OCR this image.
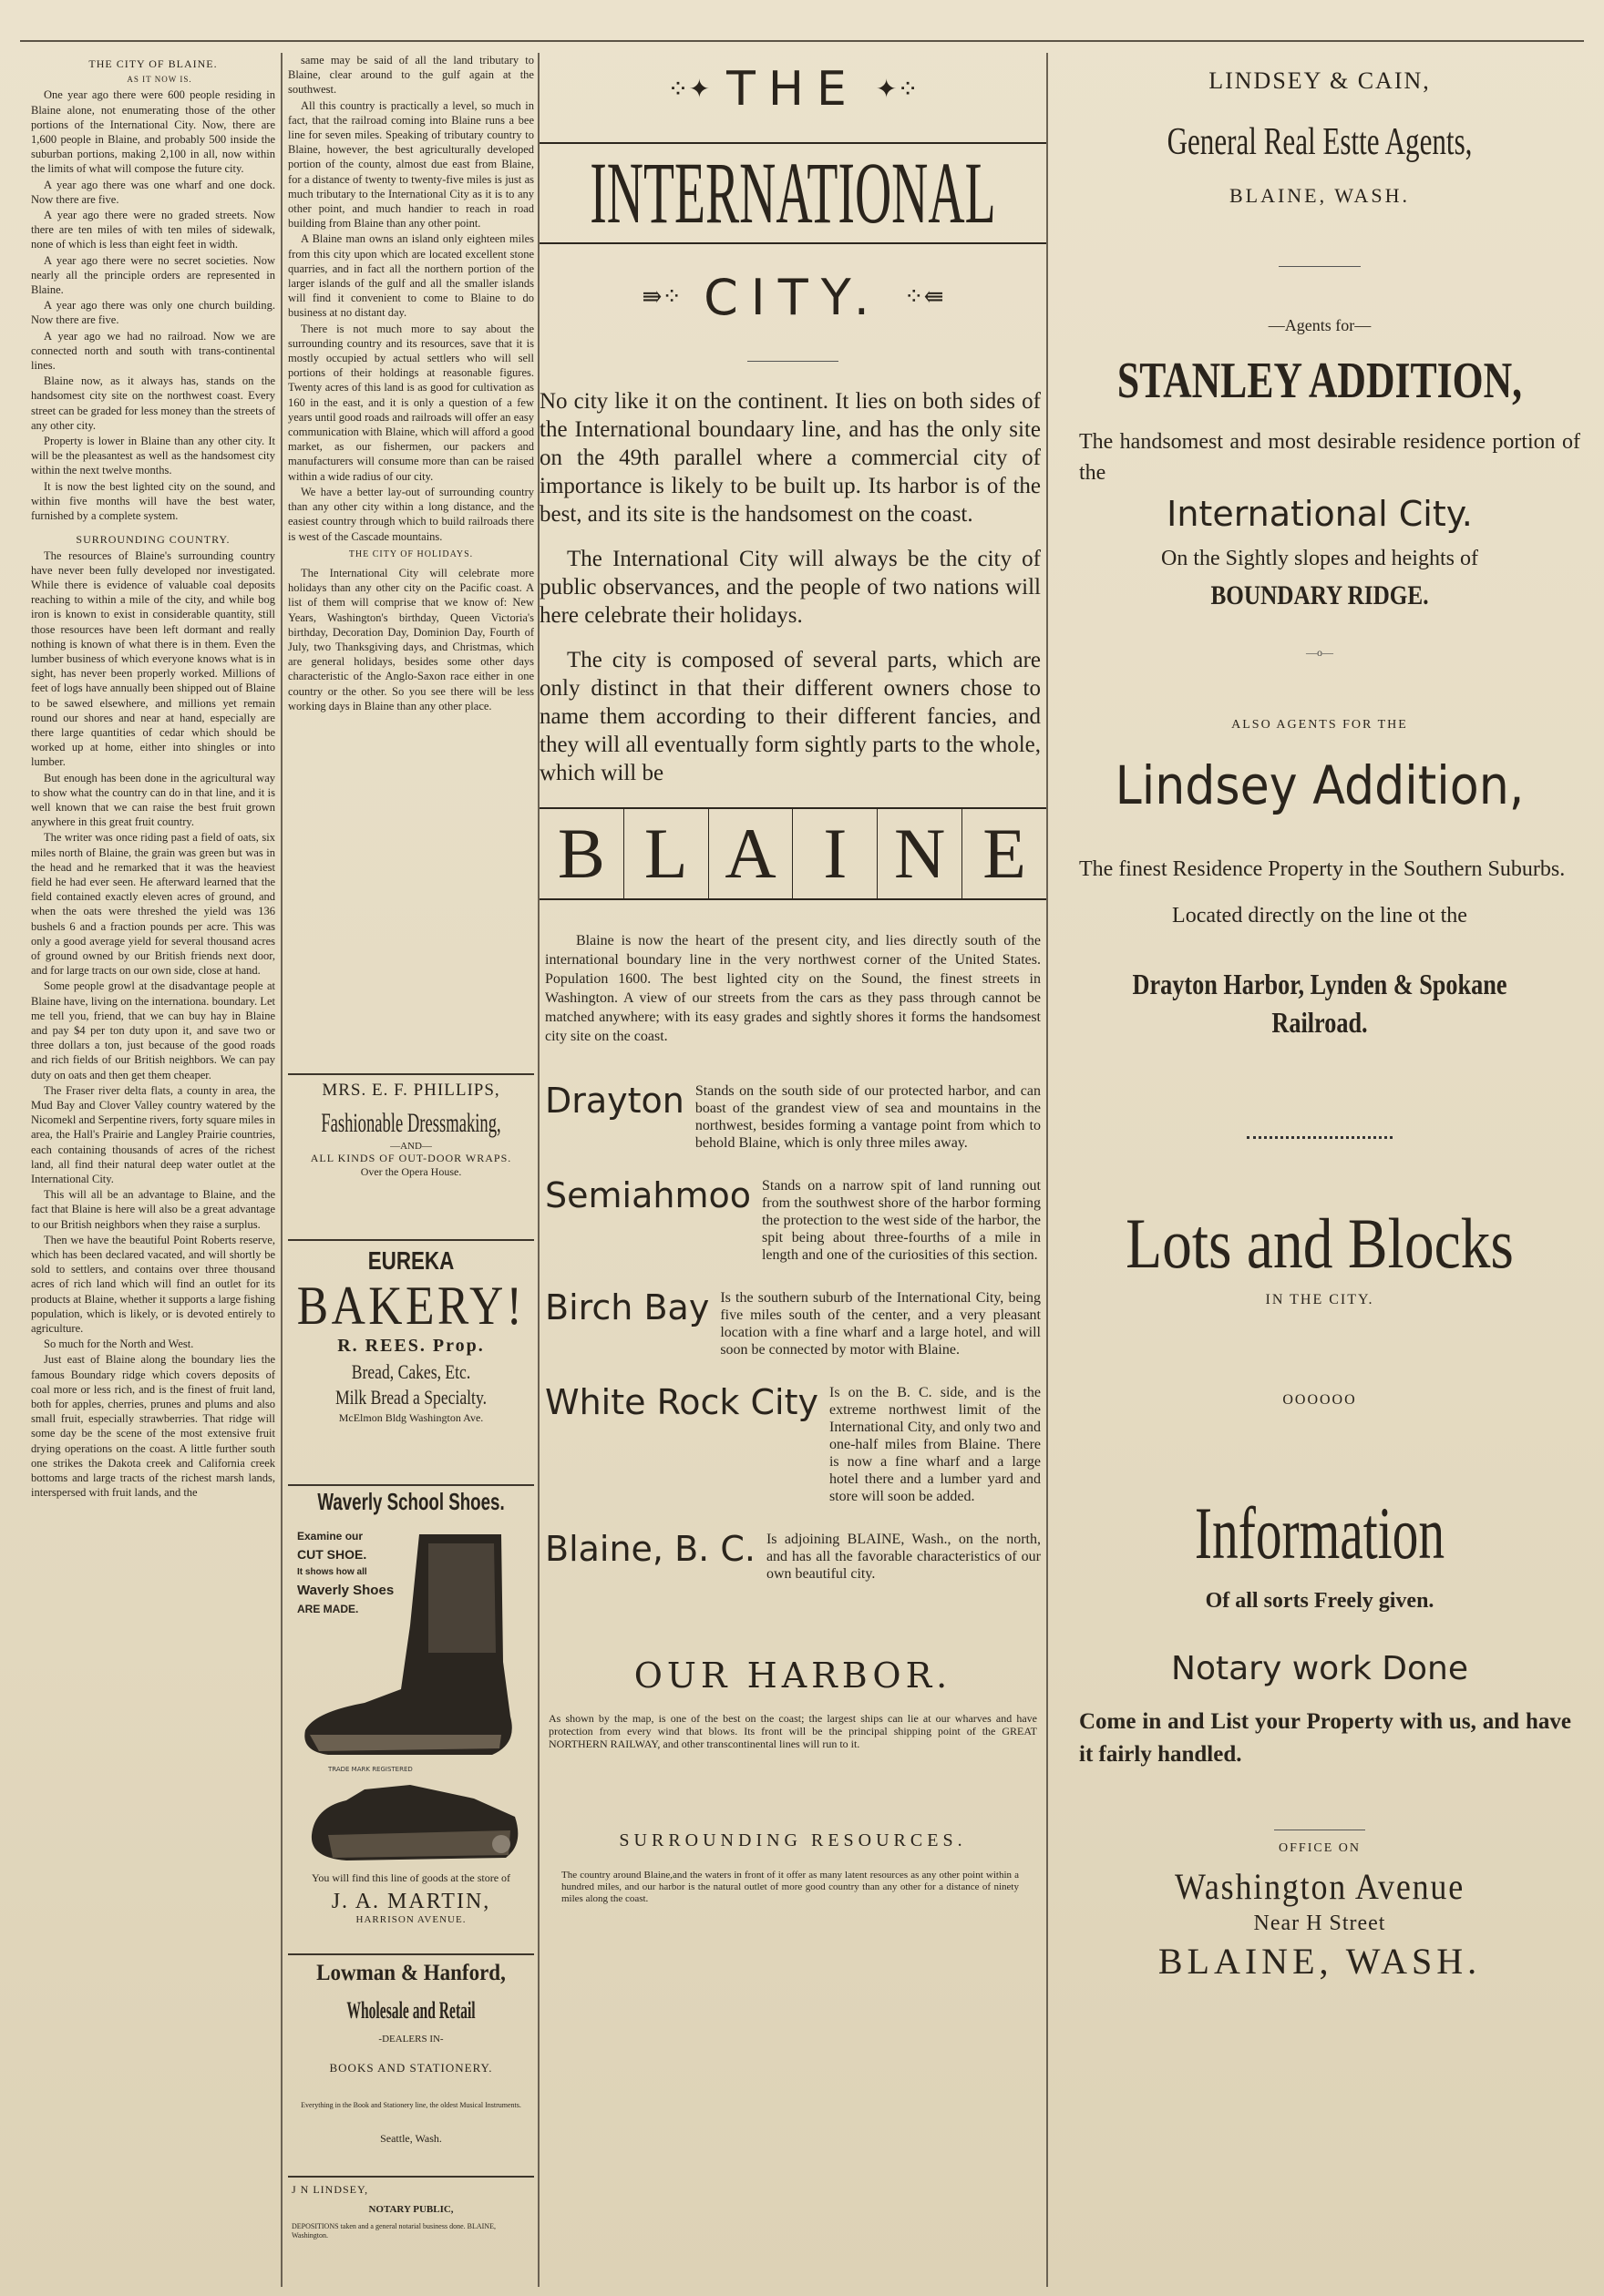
THE CITY OF BLAINE.

AS IT NOW IS.

One year ago there were 600 people residing in Blaine alone, not enumerating those of the other portions of the International City. Now, there are 1,600 people in Blaine, and probably 500 inside the suburban portions, making 2,100 in all, now within the limits of what will compose the future city.

A year ago there was one wharf and one dock. Now there are five.

A year ago there were no graded streets. Now there are ten miles of with ten miles of sidewalk, none of which is less than eight feet in width.

A year ago there were no secret societies. Now nearly all the principle orders are represented in Blaine.

A year ago there was only one church building. Now there are five.

A year ago we had no railroad. Now we are connected north and south with trans-continental lines.

Blaine now, as it always has, stands on the handsomest city site on the northwest coast. Every street can be graded for less money than the streets of any other city.

Property is lower in Blaine than any other city. It will be the pleasantest as well as the handsomest city within the next twelve months.

It is now the best lighted city on the sound, and within five months will have the best water, furnished by a complete system.

SURROUNDING COUNTRY.

The resources of Blaine's surrounding country have never been fully developed nor investigated. While there is evidence of valuable coal deposits reaching to within a mile of the city, and while bog iron is known to exist in considerable quantity, still those resources have been left dormant and really nothing is known of what there is in them. Even the lumber business of which everyone knows what is in sight, has never been properly worked. Millions of feet of logs have annually been shipped out of Blaine to be sawed elsewhere, and millions yet remain round our shores and near at hand, especially are there large quantities of cedar which should be worked up at home, either into shingles or into lumber.

But enough has been done in the agricultural way to show what the country can do in that line, and it is well known that we can raise the best fruit grown anywhere in this great fruit country.

The writer was once riding past a field of oats, six miles north of Blaine, the grain was green but was in the head and he remarked that it was the heaviest field he had ever seen. He afterward learned that the field contained exactly eleven acres of ground, and when the oats were threshed the yield was 136 bushels 6 and a fraction pounds per acre. This was only a good average yield for several thousand acres of ground owned by our British friends next door, and for large tracts on our own side, close at hand.

Some people growl at the disadvantage people at Blaine have, living on the internationa. boundary. Let me tell you, friend, that we can buy hay in Blaine and pay $4 per ton duty upon it, and save two or three dollars a ton, just because of the good roads and rich fields of our British neighbors. We can pay duty on oats and then get them cheaper.

The Fraser river delta flats, a county in area, the Mud Bay and Clover Valley country watered by the Nicomekl and Serpentine rivers, forty square miles in area, the Hall's Prairie and Langley Prairie countries, each containing thousands of acres of the richest land, all find their natural deep water outlet at the International City.

This will all be an advantage to Blaine, and the fact that Blaine is here will also be a great advantage to our British neighbors when they raise a surplus.

Then we have the beautiful Point Roberts reserve, which has been declared vacated, and will shortly be sold to settlers, and contains over three thousand acres of rich land which will find an outlet for its products at Blaine, whether it supports a large fishing population, which is likely, or is devoted entirely to agriculture.

So much for the North and West.

Just east of Blaine along the boundary lies the famous Boundary ridge which covers deposits of coal more or less rich, and is the finest of fruit land, both for apples, cherries, prunes and plums and also small fruit, especially strawberries. That ridge will some day be the scene of the most extensive fruit drying operations on the coast. A little further south one strikes the Dakota creek and California creek bottoms and large tracts of the richest marsh lands, interspersed with fruit lands, and the

same may be said of all the land tributary to Blaine, clear around to the gulf again at the southwest.

All this country is practically a level, so much in fact, that the railroad coming into Blaine runs a bee line for seven miles. Speaking of tributary country to Blaine, however, the best agriculturally developed portion of the county, almost due east from Blaine, for a distance of twenty to twenty-five miles is just as much tributary to the International City as it is to any other point, and much handier to reach in road building from Blaine than any other point.

A Blaine man owns an island only eighteen miles from this city upon which are located excellent stone quarries, and in fact all the northern portion of the larger islands of the gulf and all the smaller islands will find it convenient to come to Blaine to do business at no distant day.

There is not much more to say about the surrounding country and its resources, save that it is mostly occupied by actual settlers who will sell portions of their holdings at reasonable figures. Twenty acres of this land is as good for cultivation as 160 in the east, and it is only a question of a few years until good roads and railroads will offer an easy communication with Blaine, which will afford a good market, as our fishermen, our packers and manufacturers will consume more than can be raised within a wide radius of our city.

We have a better lay-out of surrounding country than any other city within a long distance, and the easiest country through which to build railroads there is west of the Cascade mountains.

THE CITY OF HOLIDAYS.

The International City will celebrate more holidays than any other city on the Pacific coast. A list of them will comprise that we know of: New Years, Washington's birthday, Queen Victoria's birthday, Decoration Day, Dominion Day, Fourth of July, two Thanksgiving days, and Christmas, which are general holidays, besides some other days characteristic of the Anglo-Saxon race either in one country or the other. So you see there will be less working days in Blaine than any other place.

MRS. E. F. PHILLIPS,
Fashionable Dressmaking,
—AND—
ALL KINDS OF OUT-DOOR WRAPS.
Over the Opera House.
EUREKA
BAKERY!
R. REES. Prop.
Bread, Cakes, Etc.
Milk Bread a Specialty.
McElmon Bldg Washington Ave.
Waverly School Shoes.
Examine our
CUT SHOE.
It shows how all
Waverly Shoes
ARE MADE.
TRADE MARK REGISTERED
You will find this line of goods at the store of
J. A. MARTIN,
HARRISON AVENUE.
Lowman & Hanford,
Wholesale and Retail
-DEALERS IN-
BOOKS AND STATIONERY.
Everything in the Book and Stationery line, the oldest Musical Instruments.
Seattle, Wash.
J N LINDSEY,
NOTARY PUBLIC,
DEPOSITIONS taken and a general notarial business done. BLAINE, Washington.
⁘✦ THE ✦⁘
INTERNATIONAL
⇛⁘ CITY. ⁘⇚

No city like it on the continent. It lies on both sides of the International boundaary line, and has the only site on the 49th parallel where a commercial city of importance is likely to be built up. Its harbor is of the best, and its site is the handsomest on the coast.

The International City will always be the city of public observances, and the people of two nations will here celebrate their holidays.

The city is composed of several parts, which are only distinct in that their different owners chose to name them according to their different fancies, and they will all eventually form sightly parts to the whole, which will be

B L A I N E

Blaine is now the heart of the present city, and lies directly south of the international boundary line in the very northwest corner of the United States. Population 1600. The best lighted city on the Sound, the finest streets in Washington. A view of our streets from the cars as they pass through cannot be matched anywhere; with its easy grades and sightly shores it forms the handsomest city site on the coast.

Drayton Stands on the south side of our protected harbor, and can boast of the grandest view of sea and mountains in the northwest, besides forming a vantage point from which to behold Blaine, which is only three miles away.

Semiahmoo Stands on a narrow spit of land running out from the southwest shore of the harbor forming the protection to the west side of the harbor, the spit being about three-fourths of a mile in length and one of the curiosities of this section.

Birch Bay Is the southern suburb of the International City, being five miles south of the center, and a very pleasant location with a fine wharf and a large hotel, and will soon be connected by motor with Blaine.

White Rock City Is on the B. C. side, and is the extreme northwest limit of the International City, and only two and one-half miles from Blaine. There is now a fine wharf and a large hotel there and a lumber yard and store will soon be added.

Blaine, B. C. Is adjoining BLAINE, Wash., on the north, and has all the favorable characteristics of our own beautiful city.

OUR HARBOR.

As shown by the map, is one of the best on the coast; the largest ships can lie at our wharves and have protection from every wind that blows. Its front will be the principal shipping point of the GREAT NORTHERN RAILWAY, and other transcontinental lines will run to it.

SURROUNDING RESOURCES.

The country around Blaine,and the waters in front of it offer as many latent resources as any other point within a hundred miles, and our harbor is the natural outlet of more good country than any other for a distance of ninety miles along the coast.

LINDSEY & CAIN,

General Real Estte Agents,

BLAINE, WASH.

—Agents for—

STANLEY ADDITION,

The handsomest and most desirable residence portion of the

International City.

On the Sightly slopes and heights of

BOUNDARY RIDGE.

—o—

ALSO AGENTS FOR THE

Lindsey Addition,

The finest Residence Property in the Southern Suburbs.

Located directly on the line ot the

Drayton Harbor, Lynden & Spokane Railroad.

Lots and Blocks

IN THE CITY.

OOOOOO

Information

Of all sorts Freely given.

Notary work Done

Come in and List your Property with us, and have it fairly handled.

OFFICE ON

Washington Avenue

Near H Street

BLAINE, WASH.
